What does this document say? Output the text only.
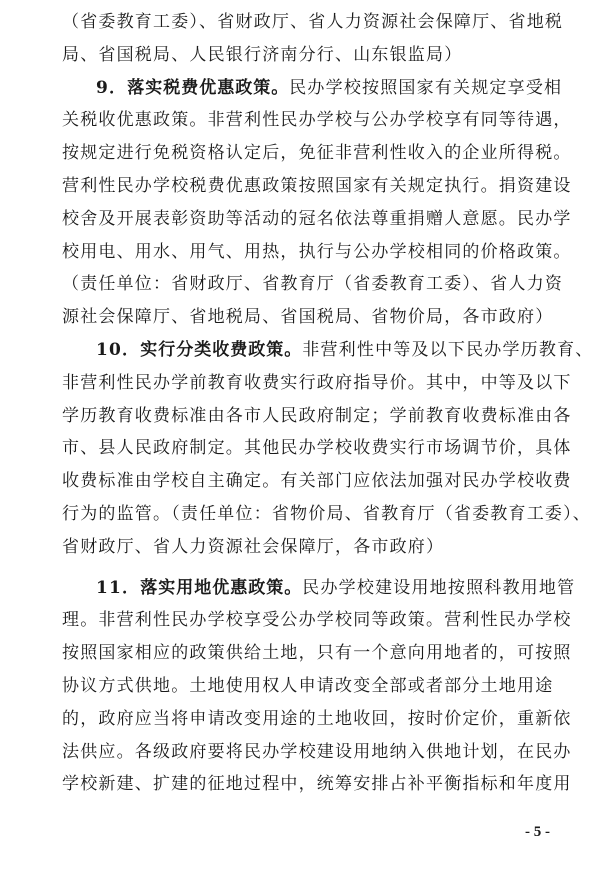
（省委教育工委）、省财政厅、省人力资源社会保障厅、省地税
局、省国税局、人民银行济南分行、山东银监局）
9．落实税费优惠政策。民办学校按照国家有关规定享受相
关税收优惠政策。非营利性民办学校与公办学校享有同等待遇，
按规定进行免税资格认定后，免征非营利性收入的企业所得税。
营利性民办学校税费优惠政策按照国家有关规定执行。捐资建设
校舍及开展表彰资助等活动的冠名依法尊重捐赠人意愿。民办学
校用电、用水、用气、用热，执行与公办学校相同的价格政策。
（责任单位：省财政厅、省教育厅（省委教育工委）、省人力资
源社会保障厅、省地税局、省国税局、省物价局，各市政府）
10．实行分类收费政策。非营利性中等及以下民办学历教育、
非营利性民办学前教育收费实行政府指导价。其中，中等及以下
学历教育收费标准由各市人民政府制定；学前教育收费标准由各
市、县人民政府制定。其他民办学校收费实行市场调节价，具体
收费标准由学校自主确定。有关部门应依法加强对民办学校收费
行为的监管。（责任单位：省物价局、省教育厅（省委教育工委）、
省财政厅、省人力资源社会保障厅，各市政府）
11．落实用地优惠政策。民办学校建设用地按照科教用地管
理。非营利性民办学校享受公办学校同等政策。营利性民办学校
按照国家相应的政策供给土地，只有一个意向用地者的，可按照
协议方式供地。土地使用权人申请改变全部或者部分土地用途
的，政府应当将申请改变用途的土地收回，按时价定价，重新依
法供应。各级政府要将民办学校建设用地纳入供地计划，在民办
学校新建、扩建的征地过程中，统筹安排占补平衡指标和年度用
- 5 -
